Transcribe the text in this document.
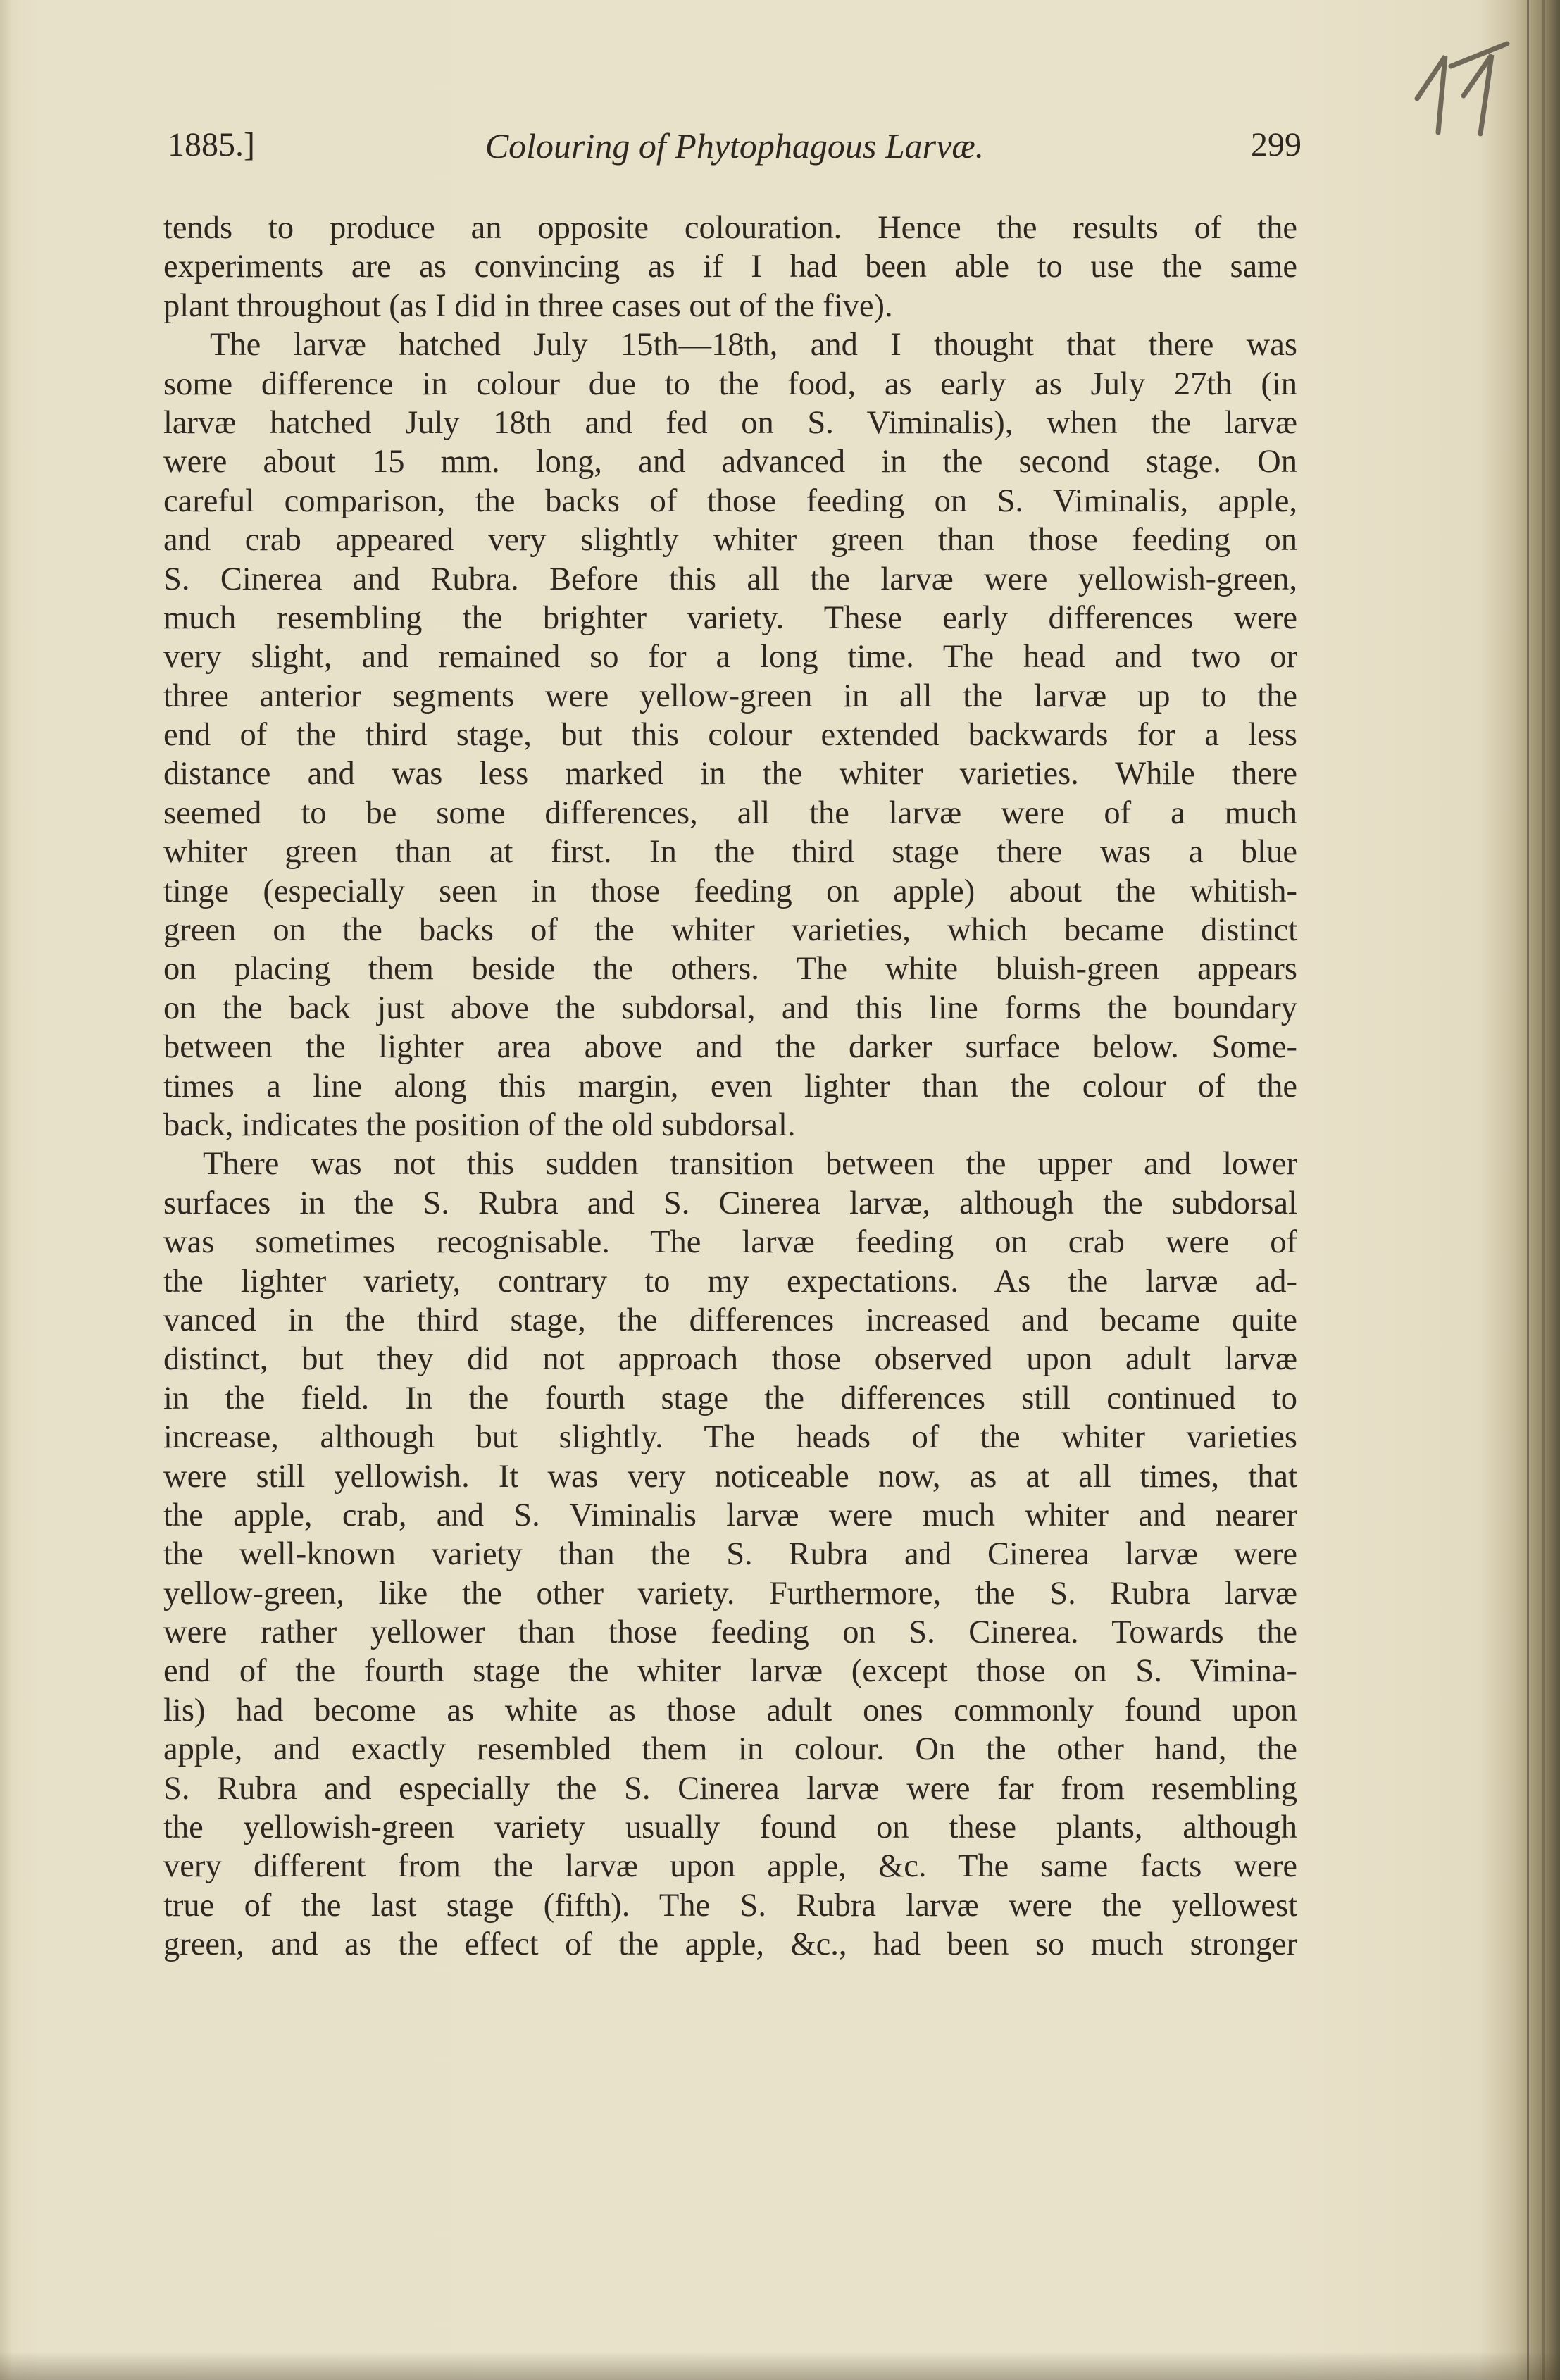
1885.]	Colouring of Phytophagous Larvæ.	299
tends to produce an opposite colouration. Hence the results of the
experiments are as convincing as if I had been able to use the same
plant throughout (as I did in three cases out of the five).
The larvæ hatched July 15th—18th, and I thought that there was
some difference in colour due to the food, as early as July 27th (in
larvæ hatched July 18th and fed on S. Viminalis), when the larvæ
were about 15 mm. long, and advanced in the second stage. On
careful comparison, the backs of those feeding on S. Viminalis, apple,
and crab appeared very slightly whiter green than those feeding on
S. Cinerea and Rubra. Before this all the larvæ were yellowish-green,
much resembling the brighter variety. These early differences were
very slight, and remained so for a long time. The head and two or
three anterior segments were yellow-green in all the larvæ up to the
end of the third stage, but this colour extended backwards for a less
distance and was less marked in the whiter varieties. While there
seemed to be some differences, all the larvæ were of a much
whiter green than at first. In the third stage there was a blue
tinge (especially seen in those feeding on apple) about the whitish-
green on the backs of the whiter varieties, which became distinct
on placing them beside the others. The white bluish-green appears
on the back just above the subdorsal, and this line forms the boundary
between the lighter area above and the darker surface below. Some-
times a line along this margin, even lighter than the colour of the
back, indicates the position of the old subdorsal.
There was not this sudden transition between the upper and lower
surfaces in the S. Rubra and S. Cinerea larvæ, although the subdorsal
was sometimes recognisable. The larvæ feeding on crab were of
the lighter variety, contrary to my expectations. As the larvæ ad-
vanced in the third stage, the differences increased and became quite
distinct, but they did not approach those observed upon adult larvæ
in the field. In the fourth stage the differences still continued to
increase, although but slightly. The heads of the whiter varieties
were still yellowish. It was very noticeable now, as at all times, that
the apple, crab, and S. Viminalis larvæ were much whiter and nearer
the well-known variety than the S. Rubra and Cinerea larvæ were
yellow-green, like the other variety. Furthermore, the S. Rubra larvæ
were rather yellower than those feeding on S. Cinerea. Towards the
end of the fourth stage the whiter larvæ (except those on S. Vimina-
lis) had become as white as those adult ones commonly found upon
apple, and exactly resembled them in colour. On the other hand, the
S. Rubra and especially the S. Cinerea larvæ were far from resembling
the yellowish-green variety usually found on these plants, although
very different from the larvæ upon apple, &c. The same facts were
true of the last stage (fifth). The S. Rubra larvæ were the yellowest
green, and as the effect of the apple, &c., had been so much stronger
